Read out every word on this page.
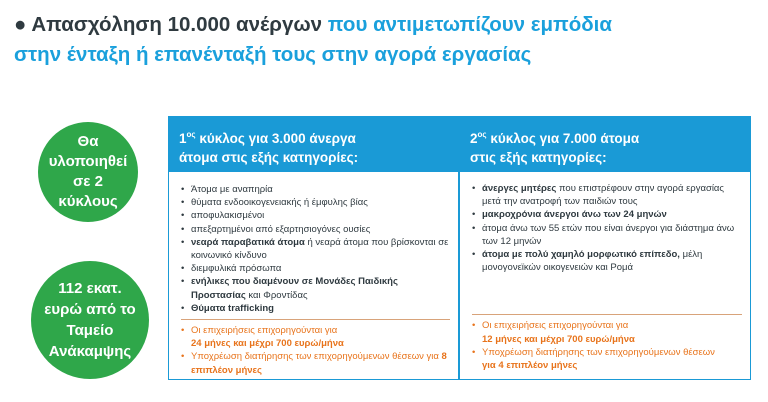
● Απασχόληση 10.000 ανέργων που αντιμετωπίζουν εμπόδια
στην ένταξη ή επανένταξή τους στην αγορά εργασίας
Θα
υλοποιηθεί
σε 2
κύκλους
112 εκατ.
ευρώ από το
Ταμείο
Ανάκαμψης
$1^{o\varsigma}$ κύκλος για 3.000 άνεργα
άτομα στις εξής κατηγορίες:
• Άτομα με αναπηρία
• θύματα ενδοοικογενειακής ή έμφυλης βίας
• αποφυλακισμένοι
• απεξαρτημένοι από εξαρτησιογόνες ουσίες
• νεαρά παραβατικά άτομα ή νεαρά άτομα που βρίσκονται σε κοινωνικό κίνδυνο
• διεμφυλικά πρόσωπα
• ενήλικες που διαμένουν σε Μονάδες Παιδικής Προστασίας και Φροντίδας
• Θύματα trafficking
• Οι επιχειρήσεις επιχορηγούνται για
24 μήνες και μέχρι 700 ευρώ/μήνα
• Υποχρέωση διατήρησης των επιχορηγούμενων θέσεων για 8 επιπλέον μήνες
$2^{o\varsigma}$ κύκλος για 7.000 άτομα
στις εξής κατηγορίες:
• άνεργες μητέρες που επιστρέφουν στην αγορά εργασίας μετά την ανατροφή των παιδιών τους
• μακροχρόνια άνεργοι άνω των 24 μηνών
• άτομα άνω των 55 ετών που είναι άνεργοι για διάστημα άνω των 12 μηνών
• άτομα με πολύ χαμηλό μορφωτικό επίπεδο, μέλη μονογονεϊκών οικογενειών και Ρομά
• Οι επιχειρήσεις επιχορηγούνται για
12 μήνες και μέχρι 700 ευρώ/μήνα
• Υποχρέωση διατήρησης των επιχορηγούμενων θέσεων
για 4 επιπλέον μήνες
